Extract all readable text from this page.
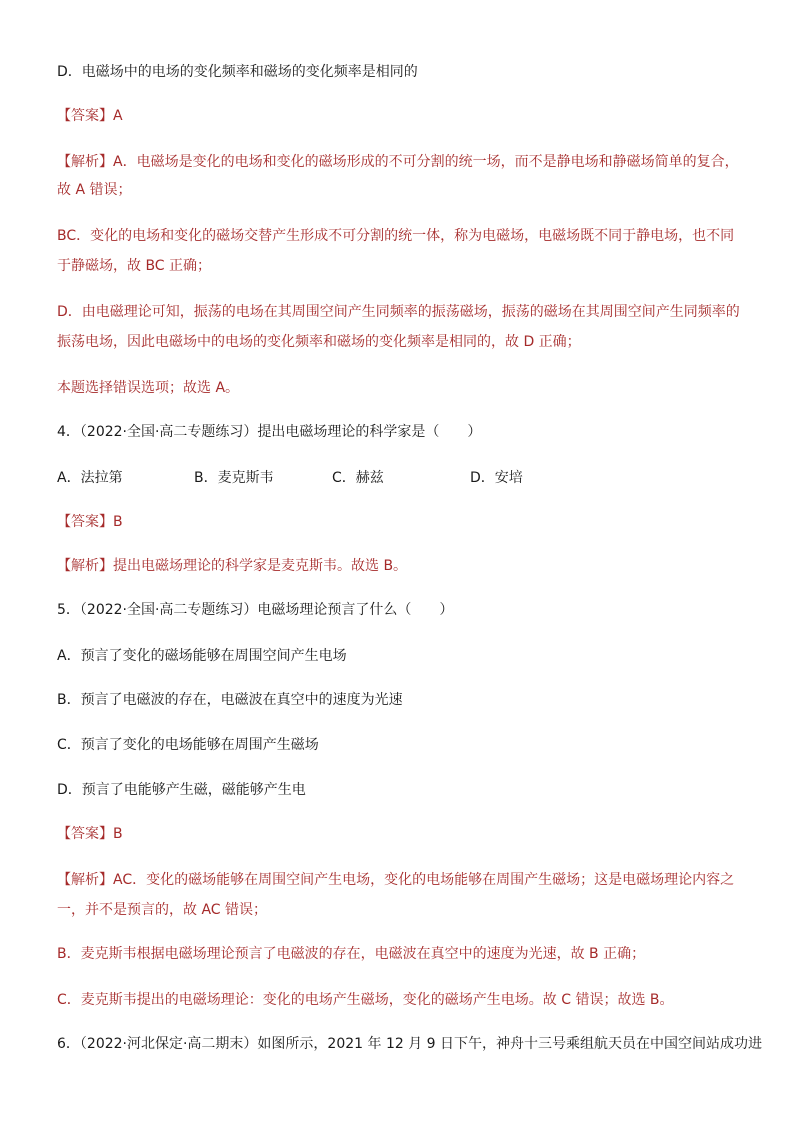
D．电磁场中的电场的变化频率和磁场的变化频率是相同的
【答案】A
【解析】A．电磁场是变化的电场和变化的磁场形成的不可分割的统一场，而不是静电场和静磁场简单的复合，
故 A 错误；
BC．变化的电场和变化的磁场交替产生形成不可分割的统一体，称为电磁场，电磁场既不同于静电场，也不同
于静磁场，故 BC 正确；
D．由电磁理论可知，振荡的电场在其周围空间产生同频率的振荡磁场，振荡的磁场在其周围空间产生同频率的
振荡电场，因此电磁场中的电场的变化频率和磁场的变化频率是相同的，故 D 正确；
本题选择错误选项；故选 A。
4．（2022·全国·高二专题练习）提出电磁场理论的科学家是（　　）
A．法拉第	B．麦克斯韦	C．赫兹	D．安培
【答案】B
【解析】提出电磁场理论的科学家是麦克斯韦。故选 B。
5．（2022·全国·高二专题练习）电磁场理论预言了什么（　　）
A．预言了变化的磁场能够在周围空间产生电场
B．预言了电磁波的存在，电磁波在真空中的速度为光速
C．预言了变化的电场能够在周围产生磁场
D．预言了电能够产生磁，磁能够产生电
【答案】B
【解析】AC．变化的磁场能够在周围空间产生电场，变化的电场能够在周围产生磁场；这是电磁场理论内容之
一，并不是预言的，故 AC 错误；
B．麦克斯韦根据电磁场理论预言了电磁波的存在，电磁波在真空中的速度为光速，故 B 正确；
C．麦克斯韦提出的电磁场理论：变化的电场产生磁场，变化的磁场产生电场。故 C 错误；故选 B。
6．（2022·河北保定·高二期末）如图所示，2021 年 12 月 9 日下午，神舟十三号乘组航天员在中国空间站成功进
